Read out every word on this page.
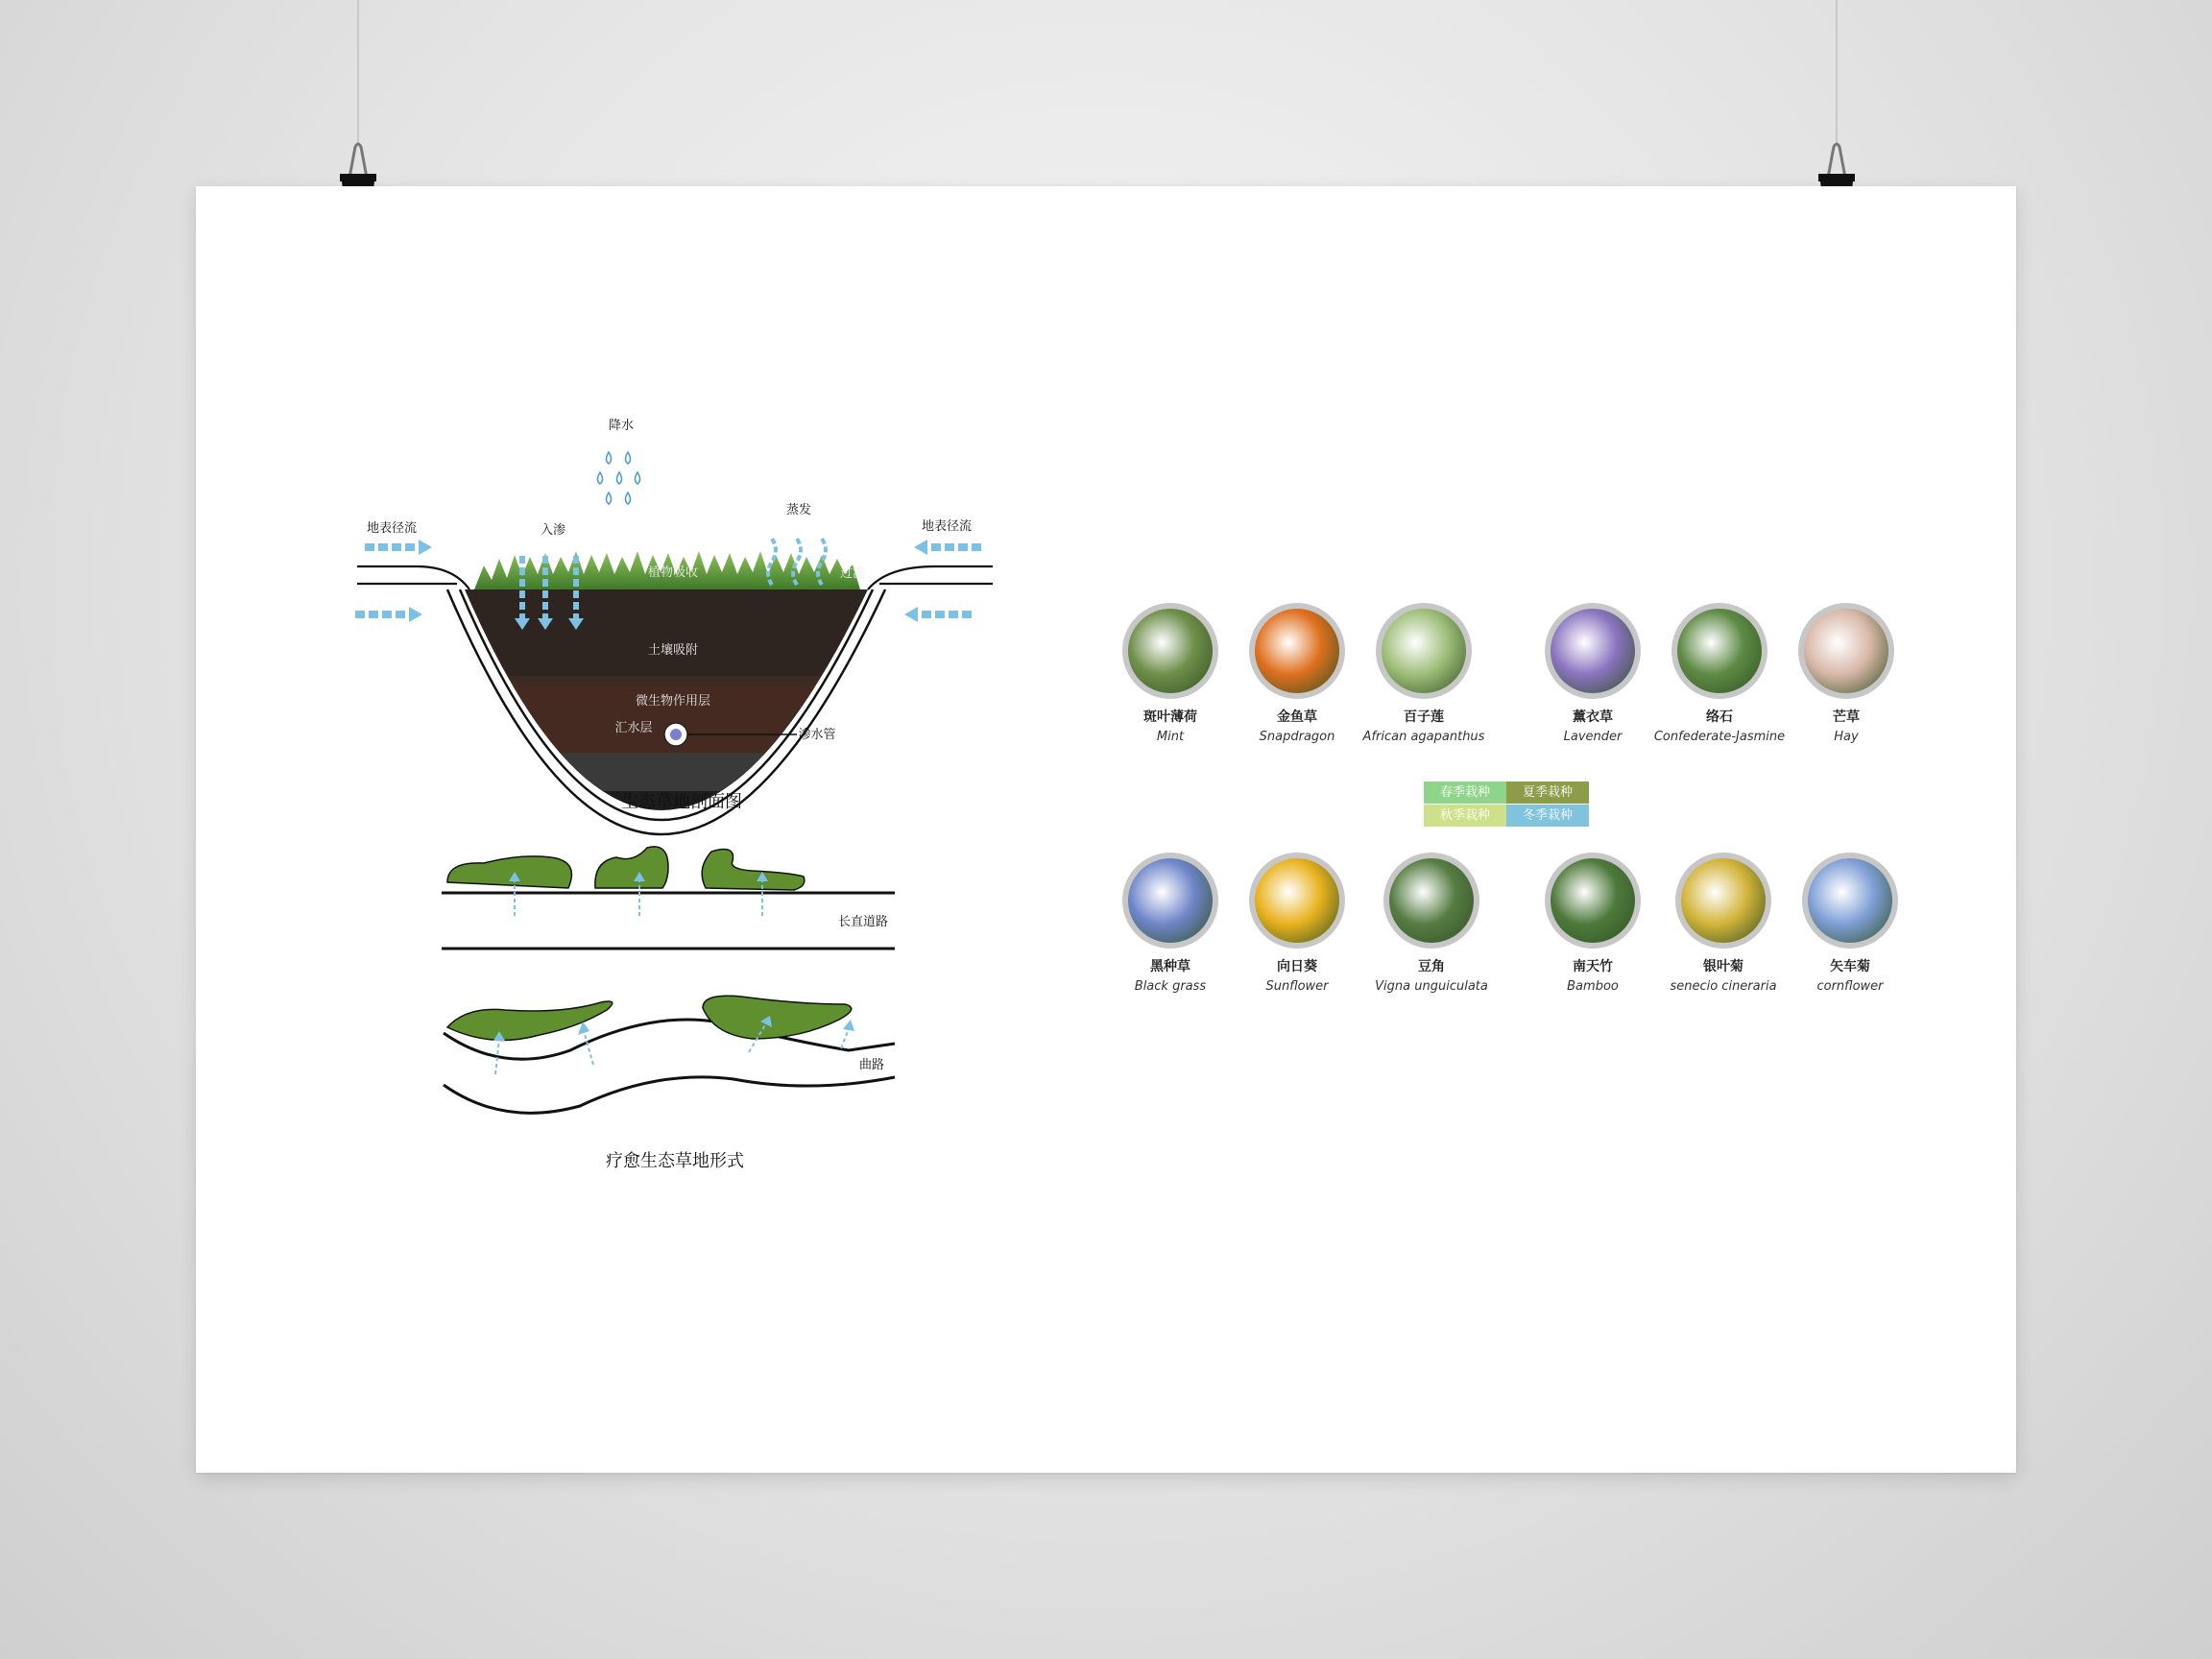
降水
地表径流	地表径流
入渗
蒸发
植物吸收	过滤
土壤吸附
微生物作用层
汇水层	渗水管
生态草地剖面图
长直道路
曲路
疗愈生态草地形式
斑叶薄荷
Mint
金鱼草
Snapdragon
百子莲
African agapanthus
薰衣草
Lavender
络石
Confederate-Jasmine
芒草
Hay
春季栽种	夏季栽种
秋季栽种	冬季栽种
黑种草
Black grass
向日葵
Sunflower
豆角
Vigna unguiculata
南天竹
Bamboo
银叶菊
senecio cineraria
矢车菊
cornflower
